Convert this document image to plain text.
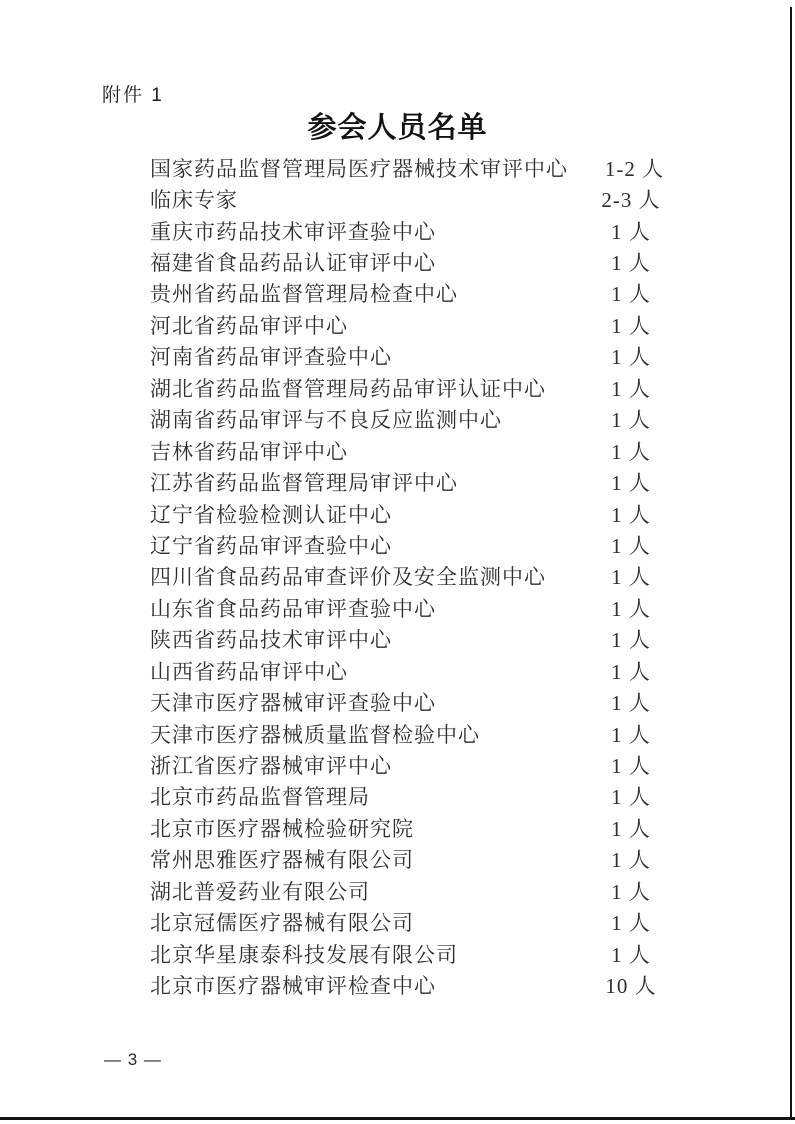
附件 1
参会人员名单
国家药品监督管理局医疗器械技术审评中心	1-2 人
临床专家	2-3 人
重庆市药品技术审评查验中心	1 人
福建省食品药品认证审评中心	1 人
贵州省药品监督管理局检查中心	1 人
河北省药品审评中心	1 人
河南省药品审评查验中心	1 人
湖北省药品监督管理局药品审评认证中心	1 人
湖南省药品审评与不良反应监测中心	1 人
吉林省药品审评中心	1 人
江苏省药品监督管理局审评中心	1 人
辽宁省检验检测认证中心	1 人
辽宁省药品审评查验中心	1 人
四川省食品药品审查评价及安全监测中心	1 人
山东省食品药品审评查验中心	1 人
陕西省药品技术审评中心	1 人
山西省药品审评中心	1 人
天津市医疗器械审评查验中心	1 人
天津市医疗器械质量监督检验中心	1 人
浙江省医疗器械审评中心	1 人
北京市药品监督管理局	1 人
北京市医疗器械检验研究院	1 人
常州思雅医疗器械有限公司	1 人
湖北普爱药业有限公司	1 人
北京冠儒医疗器械有限公司	1 人
北京华星康泰科技发展有限公司	1 人
北京市医疗器械审评检查中心	10 人
— 3 —
